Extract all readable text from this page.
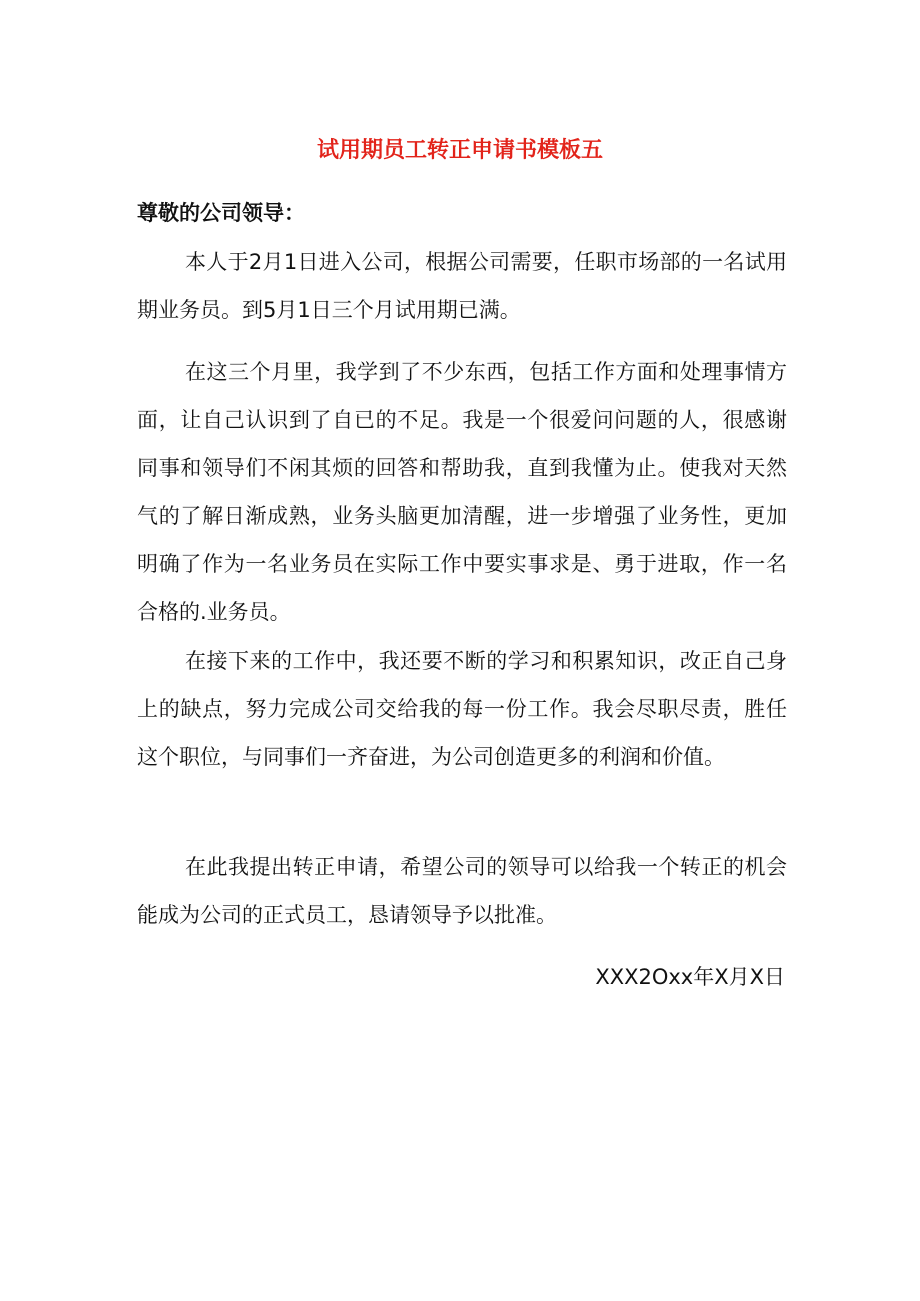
试用期员工转正申请书模板五
尊敬的公司领导：

本人于2月1日进入公司，根据公司需要，任职市场部的一名试用期业务员。到5月1日三个月试用期已满。

在这三个月里，我学到了不少东西，包括工作方面和处理事情方面，让自己认识到了自已的不足。我是一个很爱问问题的人，很感谢同事和领导们不闲其烦的回答和帮助我，直到我懂为止。使我对天然气的了解日渐成熟，业务头脑更加清醒，进一步增强了业务性，更加明确了作为一名业务员在实际工作中要实事求是、勇于进取，作一名合格的.业务员。

在接下来的工作中，我还要不断的学习和积累知识，改正自己身上的缺点，努力完成公司交给我的每一份工作。我会尽职尽责，胜任这个职位，与同事们一齐奋进，为公司创造更多的利润和价值。

在此我提出转正申请，希望公司的领导可以给我一个转正的机会能成为公司的正式员工，恳请领导予以批准。

XXX2Oxx年X月X日
